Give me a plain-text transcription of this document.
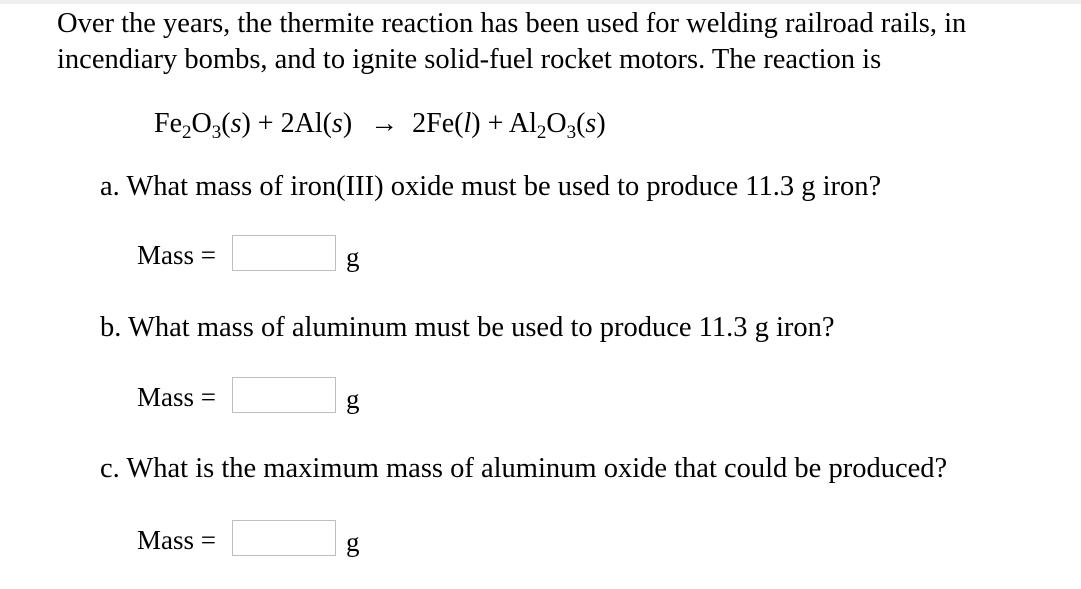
Over the years, the thermite reaction has been used for welding railroad rails, in incendiary bombs, and to ignite solid-fuel rocket motors. The reaction is

$Fe_2O_3(s) + 2Al(s) \to 2Fe(l) + Al_2O_3(s)$

a. What mass of iron(III) oxide must be used to produce 11.3 g iron?

Mass =	g

b. What mass of aluminum must be used to produce 11.3 g iron?

Mass =	g

c. What is the maximum mass of aluminum oxide that could be produced?

Mass =	g
